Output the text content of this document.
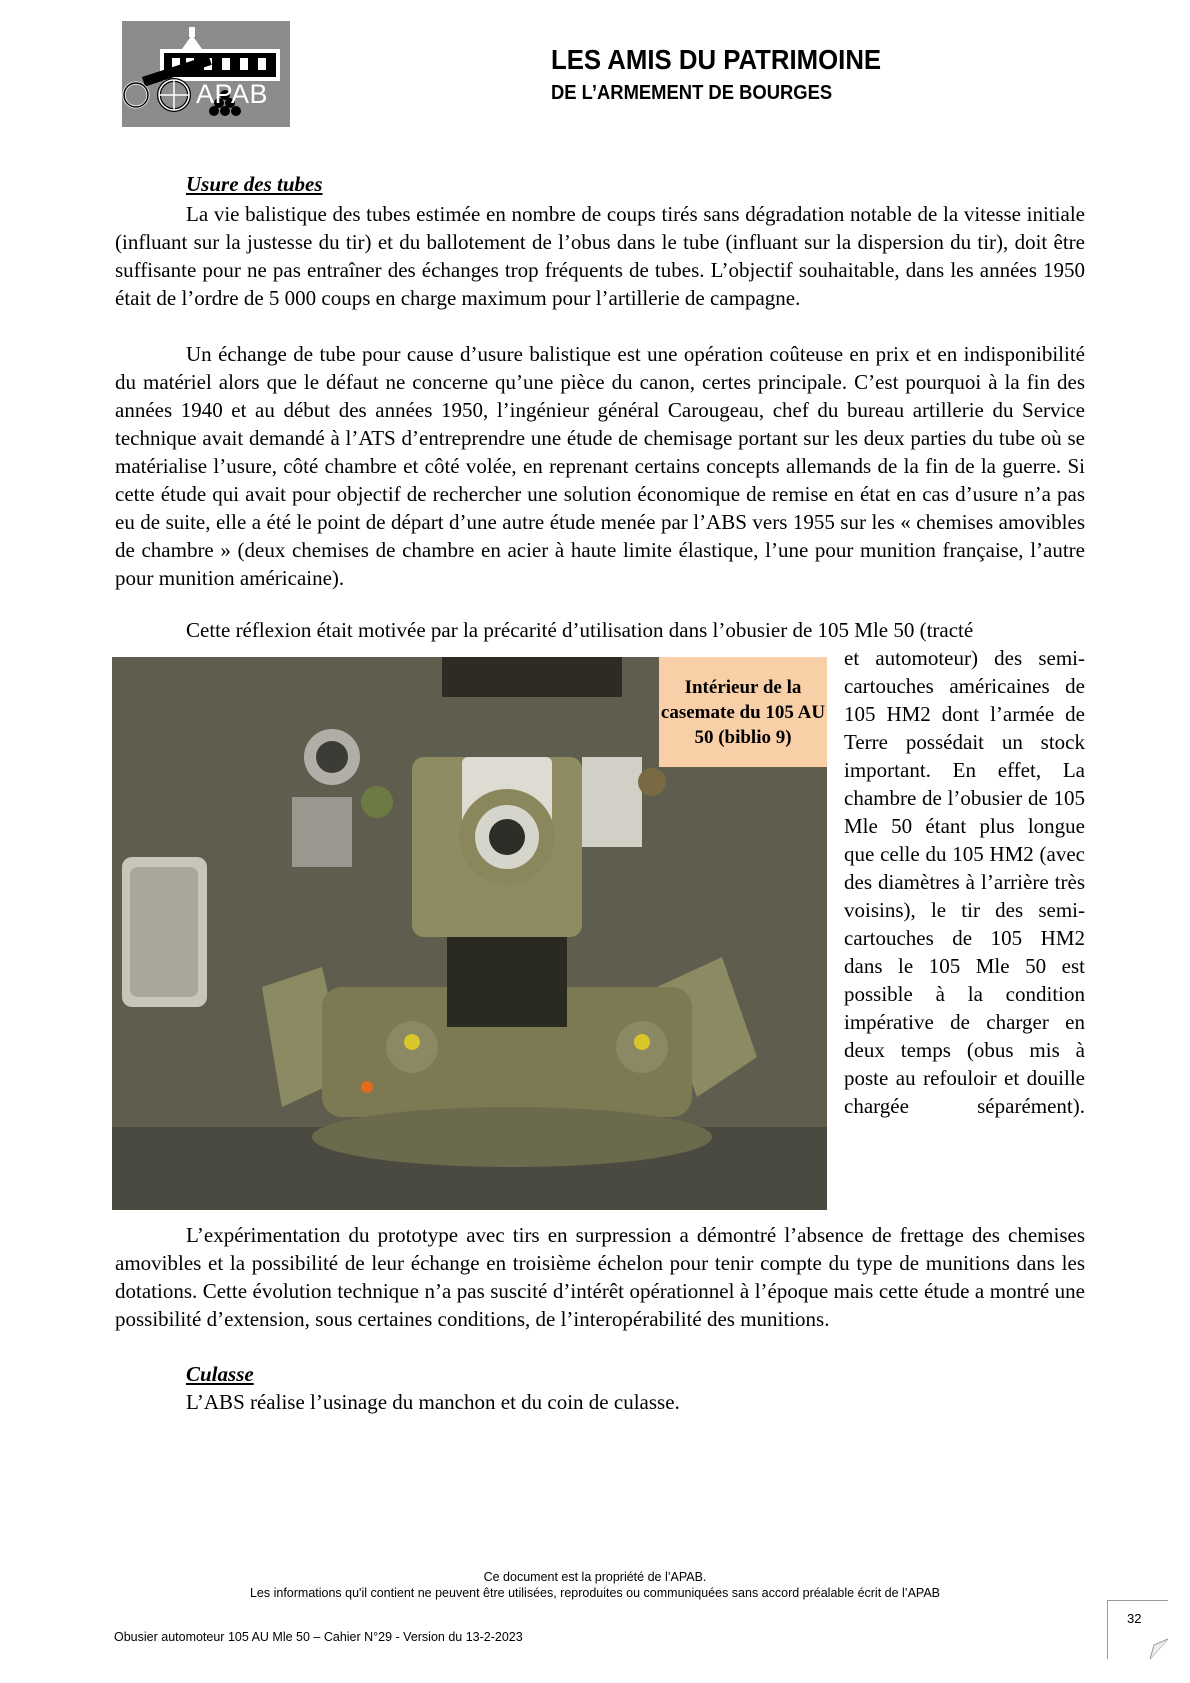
APAB
LES AMIS DU PATRIMOINE
DE L’ARMEMENT DE BOURGES
Usure des tubes
La vie balistique des tubes estimée en nombre de coups tirés sans dégradation notable de la vitesse initiale (influant sur la justesse du tir) et du ballotement de l’obus dans le tube (influant sur la dispersion du tir), doit être suffisante pour ne pas entraîner des échanges trop fréquents de tubes. L’objectif souhaitable, dans les années 1950 était de l’ordre de 5 000 coups en charge maximum pour l’artillerie de campagne.
Un échange de tube pour cause d’usure balistique est une opération coûteuse en prix et en indisponibilité du matériel alors que le défaut ne concerne qu’une pièce du canon, certes principale. C’est pourquoi à la fin des années 1940 et au début des années 1950, l’ingénieur général Carougeau, chef du bureau artillerie du Service technique avait demandé à l’ATS d’entreprendre une étude de chemisage portant sur les deux parties du tube où se matérialise l’usure, côté chambre et côté volée, en reprenant certains concepts allemands de la fin de la guerre. Si cette étude qui avait pour objectif de rechercher une solution économique de remise en état en cas d’usure n’a pas eu de suite, elle a été le point de départ d’une autre étude menée par l’ABS vers 1955 sur les « chemises amovibles de chambre » (deux chemises de chambre en acier à haute limite élastique, l’une pour munition française, l’autre pour munition américaine).
Cette réflexion était motivée par la précarité d’utilisation dans l’obusier de 105 Mle 50 (tracté
Intérieur de la casemate du 105 AU 50 (biblio 9)
et automoteur) des semi-cartouches américaines de 105 HM2 dont l’armée de Terre possédait un stock important. En effet, La chambre de l’obusier de 105 Mle 50 étant plus longue que celle du 105 HM2 (avec des diamètres à l’arrière très voisins), le tir des semi-cartouches de 105 HM2 dans le 105 Mle 50 est possible à la condition impérative de charger en deux temps (obus mis à poste au refouloir et douille chargée séparément).
L’expérimentation du prototype avec tirs en surpression a démontré l’absence de frettage des chemises amovibles et la possibilité de leur échange en troisième échelon pour tenir compte du type de munitions dans les dotations. Cette évolution technique n’a pas suscité d’intérêt opérationnel à l’époque mais cette étude a montré une possibilité d’extension, sous certaines conditions, de l’interopérabilité des munitions.
Culasse
L’ABS réalise l’usinage du manchon et du coin de culasse.
Ce document est la propriété de l’APAB.
Les informations qu'il contient ne peuvent être utilisées, reproduites ou communiquées sans accord préalable écrit de l’APAB
Obusier automoteur 105 AU Mle 50 – Cahier N°29 - Version du 13-2-2023
32
